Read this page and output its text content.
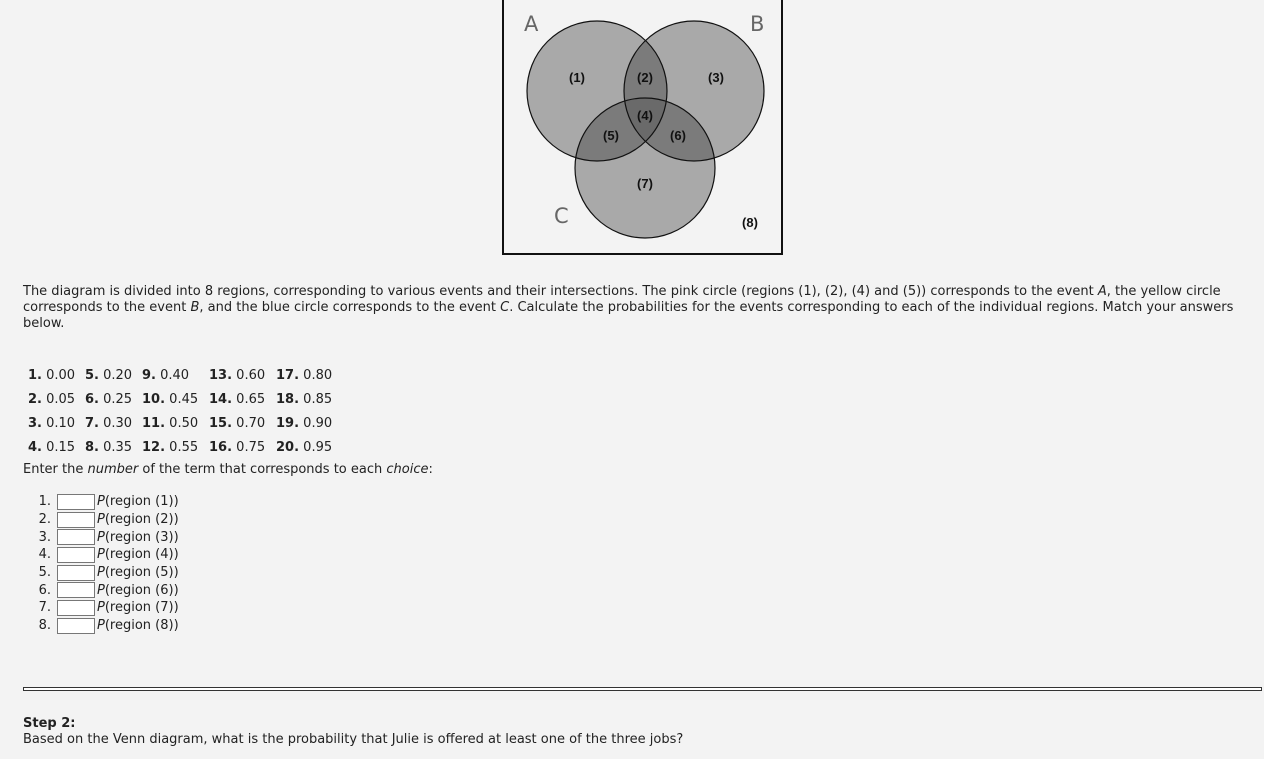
A	B
C
(1)	(2)	(3)
(4)
(5)	(6)
(7)
(8)

The diagram is divided into 8 regions, corresponding to various events and their intersections. The pink circle (regions (1), (2), (4) and (5)) corresponds to the event A, the yellow circle corresponds to the event B, and the blue circle corresponds to the event C. Calculate the probabilities for the events corresponding to each of the individual regions. Match your answers below.

1. 0.00 5. 0.20 9. 0.40 13. 0.60 17. 0.80
2. 0.05 6. 0.25 10. 0.45 14. 0.65 18. 0.85
3. 0.10 7. 0.30 11. 0.50 15. 0.70 19. 0.90
4. 0.15 8. 0.35 12. 0.55 16. 0.75 20. 0.95

Enter the number of the term that corresponds to each choice:

1.	P(region (1))
2.	P(region (2))
3.	P(region (3))
4.	P(region (4))
5.	P(region (5))
6.	P(region (6))
7.	P(region (7))
8.	P(region (8))

Step 2:

Based on the Venn diagram, what is the probability that Julie is offered at least one of the three jobs?
